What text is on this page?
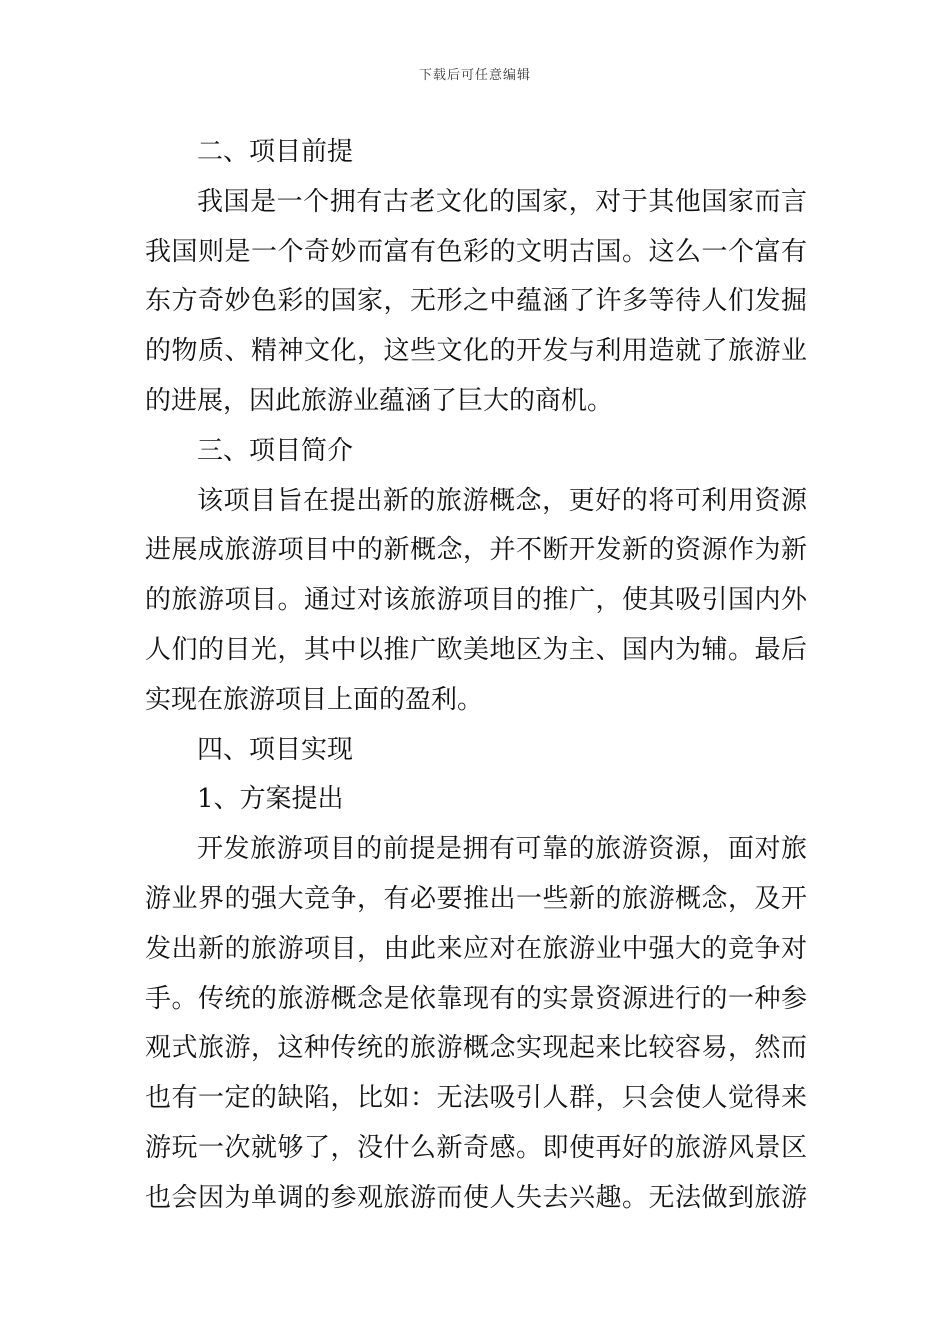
下载后可任意编辑
二、项目前提
我国是一个拥有古老文化的国家，对于其他国家而言
我国则是一个奇妙而富有色彩的文明古国。这么一个富有
东方奇妙色彩的国家，无形之中蕴涵了许多等待人们发掘
的物质、精神文化，这些文化的开发与利用造就了旅游业
的进展，因此旅游业蕴涵了巨大的商机。
三、项目简介
该项目旨在提出新的旅游概念，更好的将可利用资源
进展成旅游项目中的新概念，并不断开发新的资源作为新
的旅游项目。通过对该旅游项目的推广，使其吸引国内外
人们的目光，其中以推广欧美地区为主、国内为辅。最后
实现在旅游项目上面的盈利。
四、项目实现
1、方案提出
开发旅游项目的前提是拥有可靠的旅游资源，面对旅
游业界的强大竞争，有必要推出一些新的旅游概念，及开
发出新的旅游项目，由此来应对在旅游业中强大的竞争对
手。传统的旅游概念是依靠现有的实景资源进行的一种参
观式旅游，这种传统的旅游概念实现起来比较容易，然而
也有一定的缺陷，比如：无法吸引人群，只会使人觉得来
游玩一次就够了，没什么新奇感。即使再好的旅游风景区
也会因为单调的参观旅游而使人失去兴趣。无法做到旅游
